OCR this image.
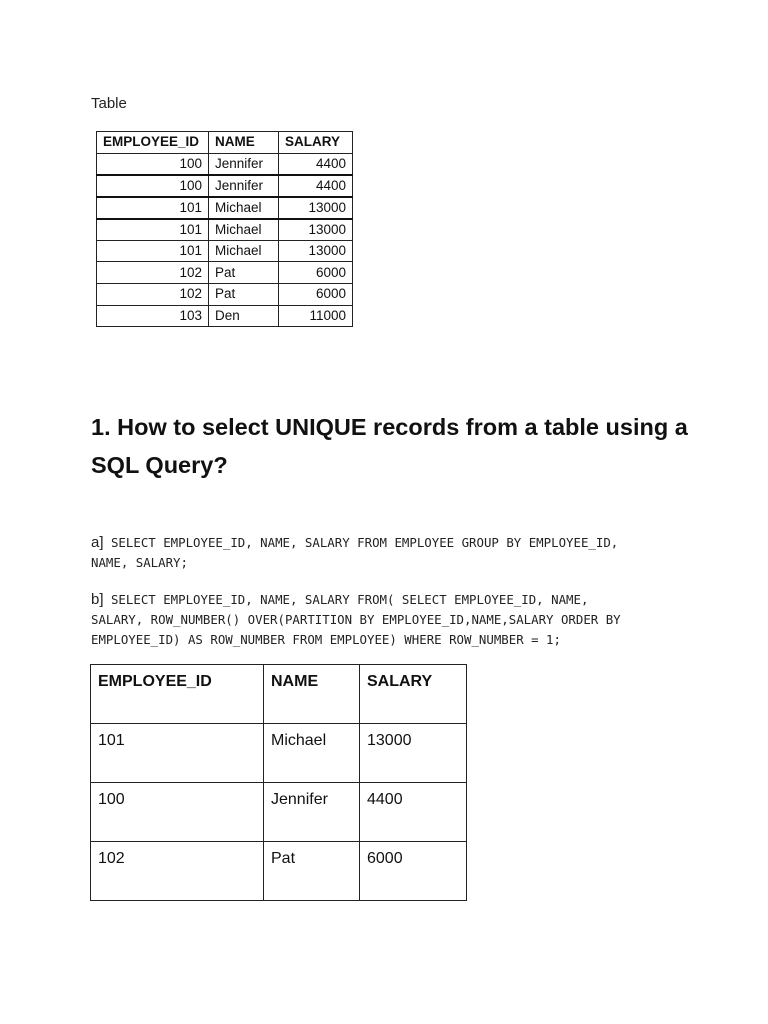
Table
EMPLOYEE_ID	NAME	SALARY
100	Jennifer	4400
100	Jennifer	4400
101	Michael	13000
101	Michael	13000
101	Michael	13000
102	Pat	6000
102	Pat	6000
103	Den	11000
1. How to select UNIQUE records from a table using a
SQL Query?
a] SELECT EMPLOYEE_ID, NAME, SALARY FROM EMPLOYEE GROUP BY EMPLOYEE_ID,
NAME, SALARY;
b] SELECT EMPLOYEE_ID, NAME, SALARY FROM( SELECT EMPLOYEE_ID, NAME,
SALARY, ROW_NUMBER() OVER(PARTITION BY EMPLOYEE_ID,NAME,SALARY ORDER BY
EMPLOYEE_ID) AS ROW_NUMBER FROM EMPLOYEE) WHERE ROW_NUMBER = 1;
EMPLOYEE_ID	NAME	SALARY
101	Michael	13000
100	Jennifer	4400
102	Pat	6000
